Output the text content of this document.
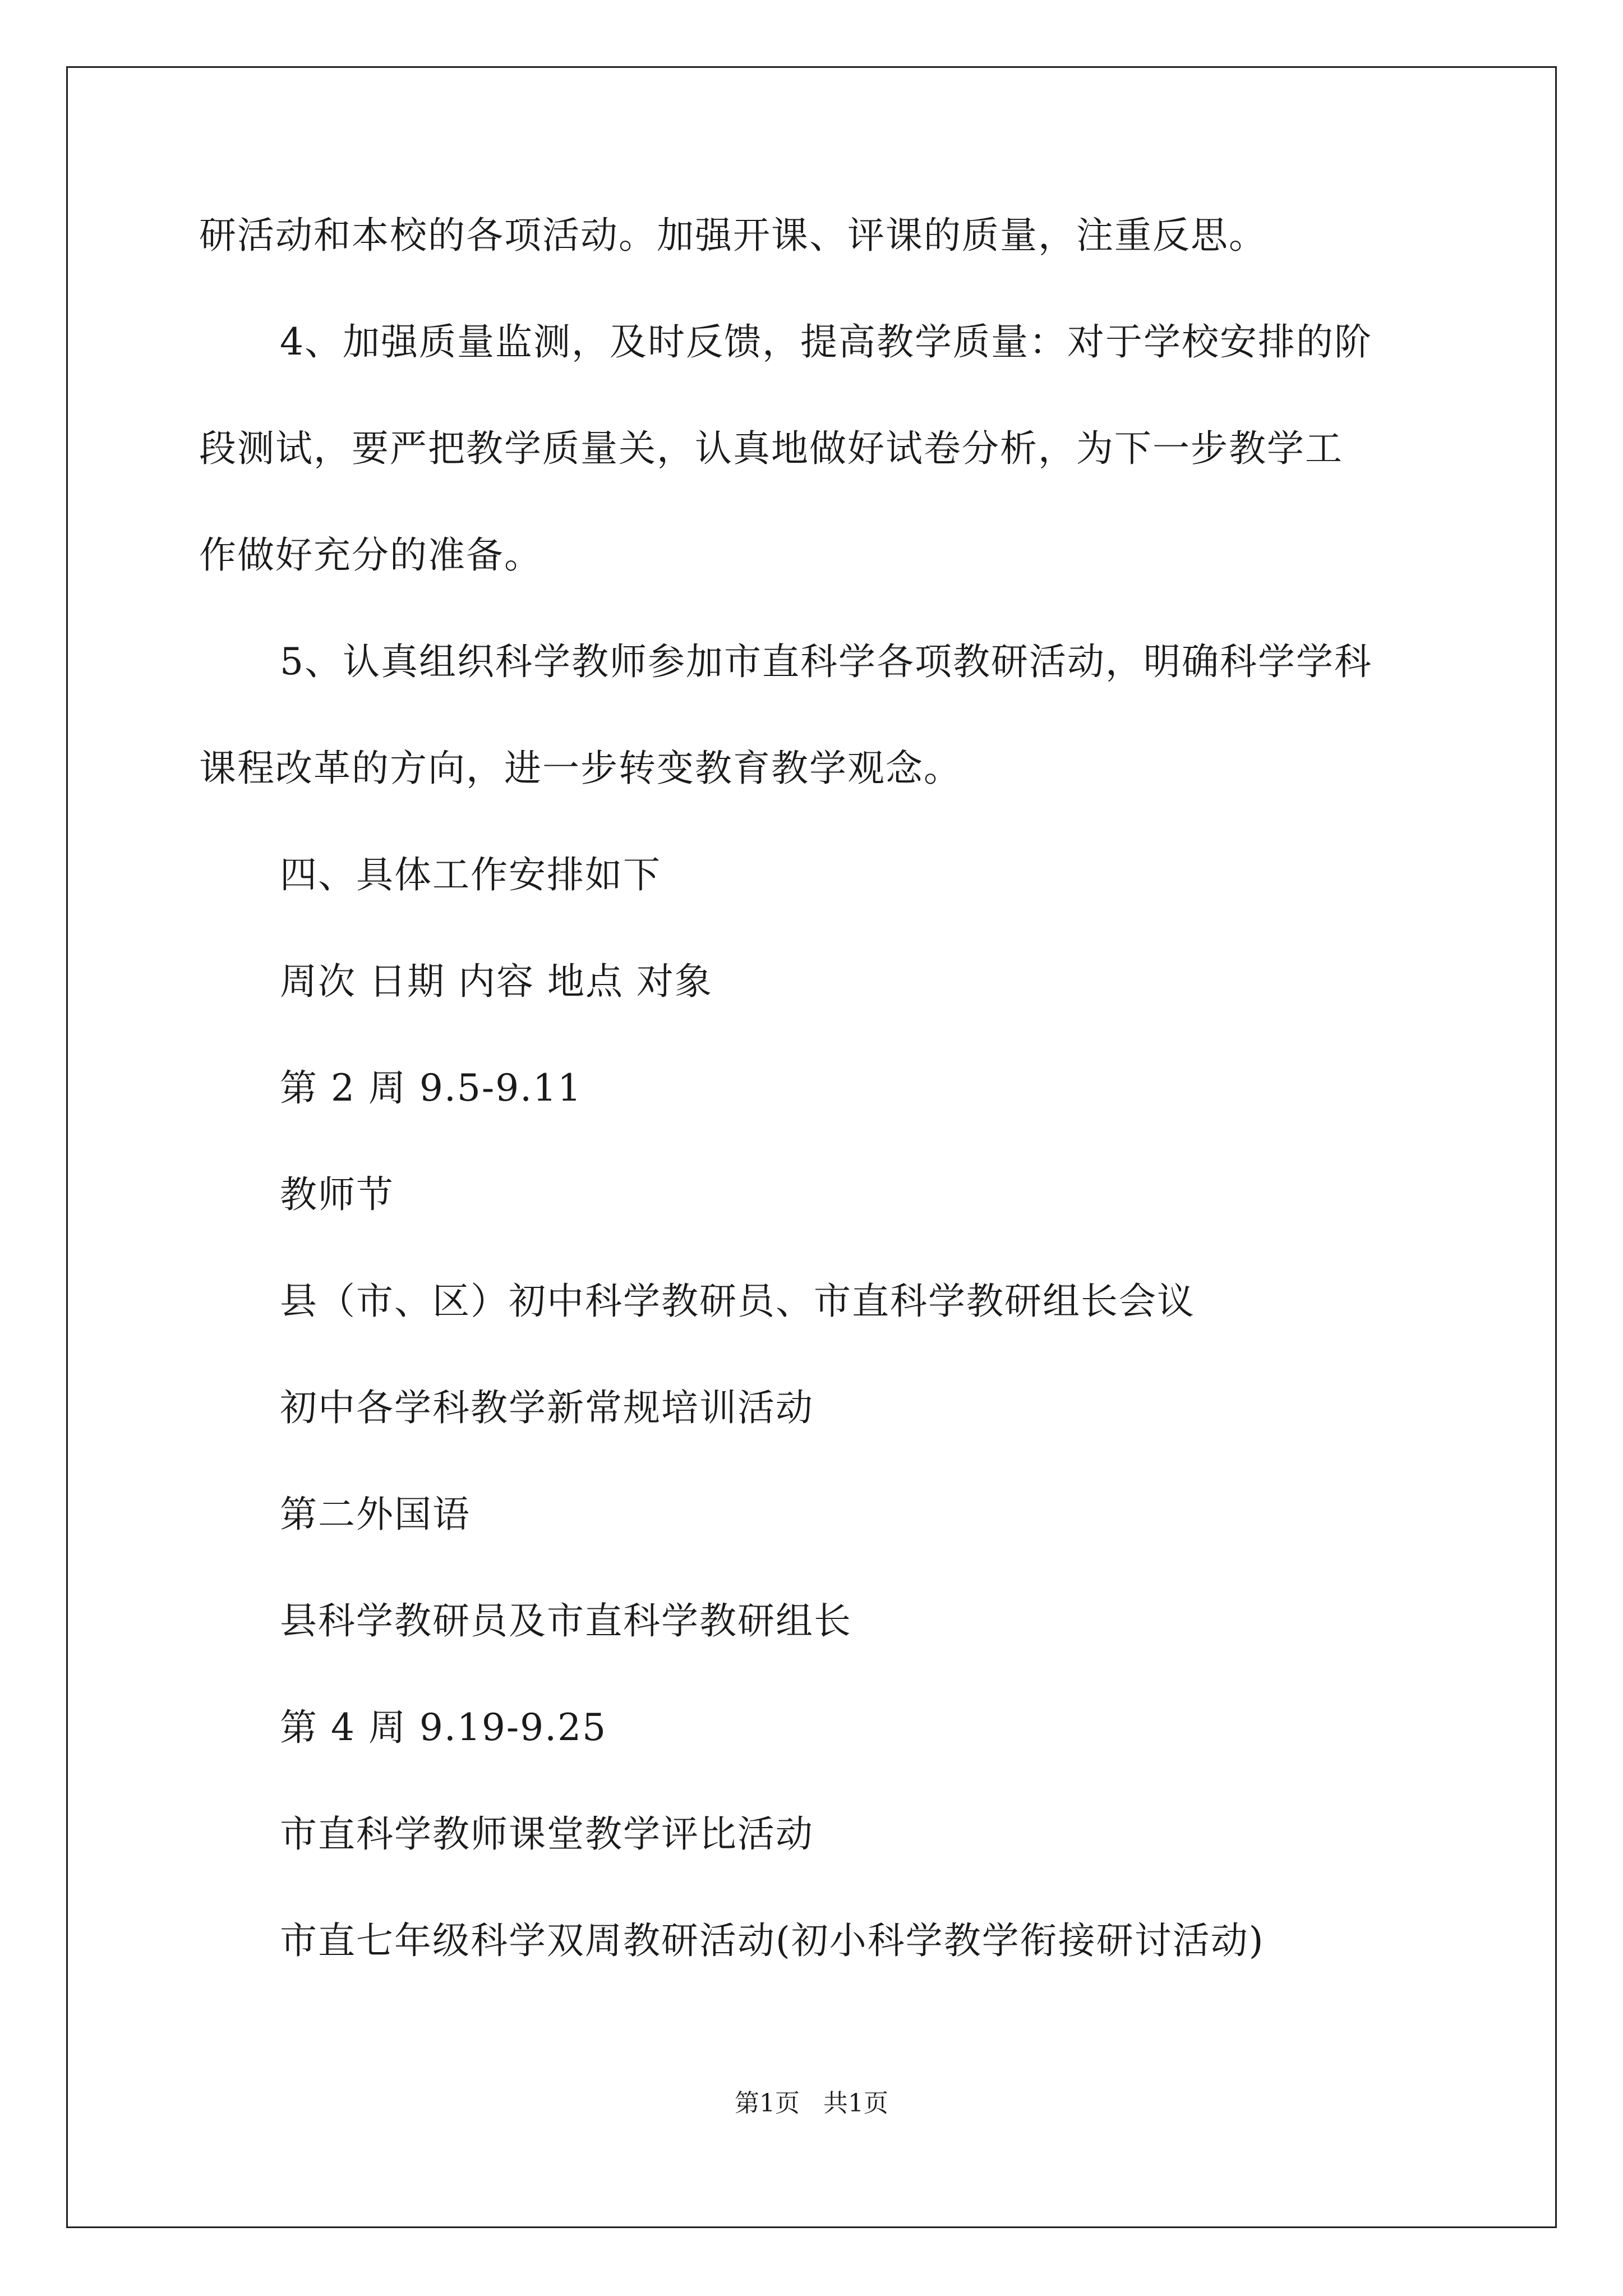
研活动和本校的各项活动。加强开课、评课的质量，注重反思。
4、加强质量监测，及时反馈，提高教学质量：对于学校安排的阶
段测试，要严把教学质量关，认真地做好试卷分析，为下一步教学工
作做好充分的准备。
5、认真组织科学教师参加市直科学各项教研活动，明确科学学科
课程改革的方向，进一步转变教育教学观念。
四、具体工作安排如下
周次 日期 内容 地点 对象
第 2 周 9.5-9.11
教师节
县（市、区）初中科学教研员、市直科学教研组长会议
初中各学科教学新常规培训活动
第二外国语
县科学教研员及市直科学教研组长
第 4 周 9.19-9.25
市直科学教师课堂教学评比活动
市直七年级科学双周教研活动(初小科学教学衔接研讨活动)
第1页   共1页
